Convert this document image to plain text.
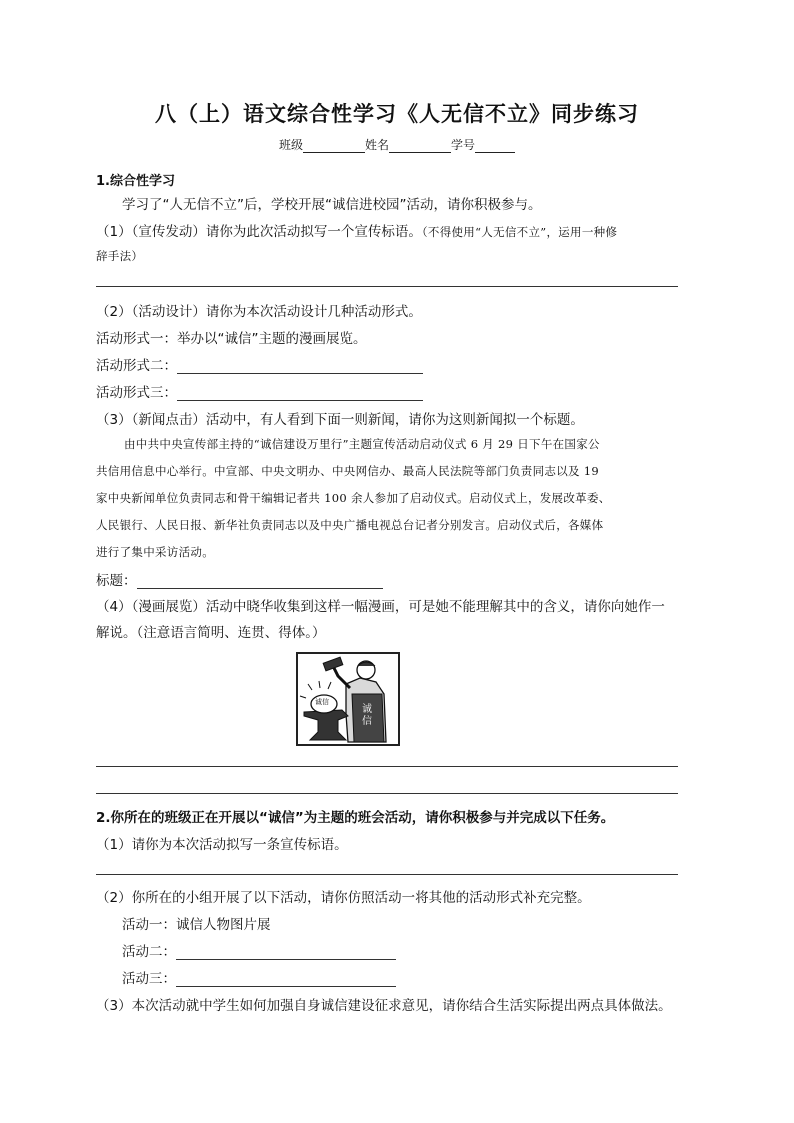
八（上）语文综合性学习《人无信不立》同步练习
班级	姓名	学号
1.综合性学习
学习了“人无信不立”后，学校开展“诚信进校园”活动，请你积极参与。
（1）（宣传发动）请你为此次活动拟写一个宣传标语。（不得使用“人无信不立”，运用一种修
辞手法）
（2）（活动设计）请你为本次活动设计几种活动形式。
活动形式一：举办以“诚信”主题的漫画展览。
活动形式二：
活动形式三：
（3）（新闻点击）活动中，有人看到下面一则新闻，请你为这则新闻拟一个标题。
由中共中央宣传部主持的“诚信建设万里行”主题宣传活动启动仪式 6 月 29 日下午在国家公
共信用信息中心举行。中宣部、中央文明办、中央网信办、最高人民法院等部门负责同志以及 19
家中央新闻单位负责同志和骨干编辑记者共 100 余人参加了启动仪式。启动仪式上，发展改革委、
人民银行、人民日报、新华社负责同志以及中央广播电视总台记者分别发言。启动仪式后，各媒体
进行了集中采访活动。
标题：
（4）（漫画展览）活动中晓华收集到这样一幅漫画，可是她不能理解其中的含义，请你向她作一
解说。（注意语言简明、连贯、得体。）
诚信
诚信
2.你所在的班级正在开展以“诚信”为主题的班会活动，请你积极参与并完成以下任务。
（1）请你为本次活动拟写一条宣传标语。
（2）你所在的小组开展了以下活动，请你仿照活动一将其他的活动形式补充完整。
活动一：诚信人物图片展
活动二：
活动三：
（3）本次活动就中学生如何加强自身诚信建设征求意见，请你结合生活实际提出两点具体做法。
